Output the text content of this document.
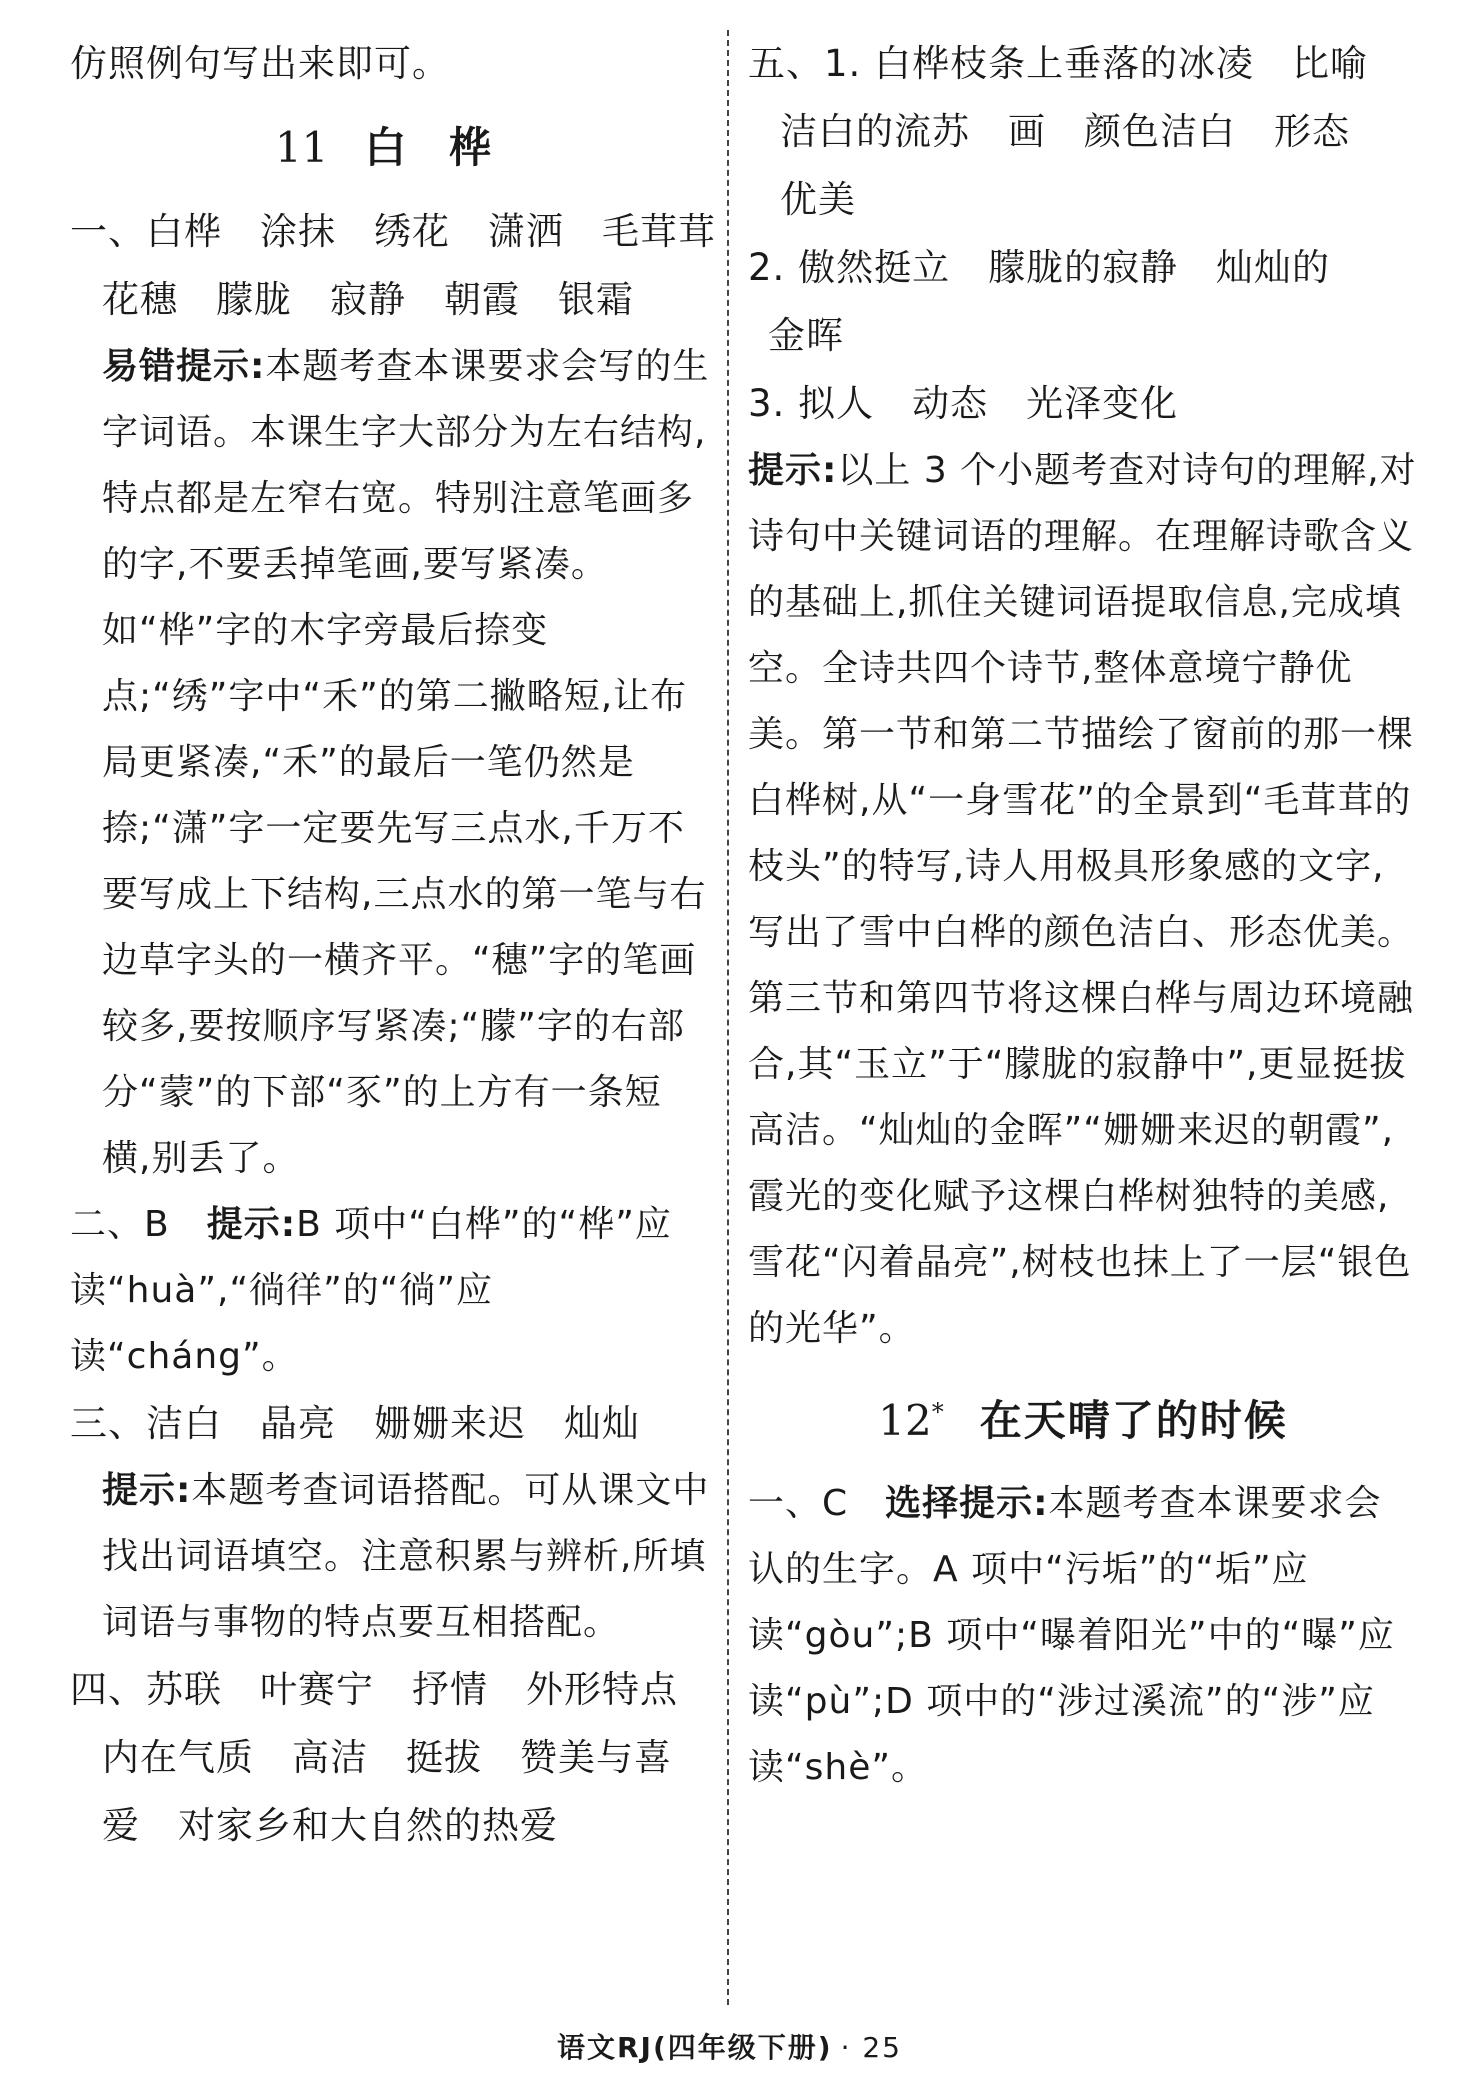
仿照例句写出来即可。
11 白 桦
一、白桦　涂抹　绣花　潇洒　毛茸茸
花穗　朦胧　寂静　朝霞　银霜
易错提示:本题考查本课要求会写的生字词语。本课生字大部分为左右结构,特点都是左窄右宽。特别注意笔画多的字,不要丢掉笔画,要写紧凑。如“桦”字的木字旁最后捺变点;“绣”字中“禾”的第二撇略短,让布局更紧凑,“禾”的最后一笔仍然是捺;“潇”字一定要先写三点水,千万不要写成上下结构,三点水的第一笔与右边草字头的一横齐平。“穗”字的笔画较多,要按顺序写紧凑;“朦”字的右部分“蒙”的下部“豕”的上方有一条短横,别丢了。
二、B　提示:B 项中“白桦”的“桦”应读“huà”,“徜徉”的“徜”应读“cháng”。
三、洁白　晶亮　姗姗来迟　灿灿
提示:本题考查词语搭配。可从课文中找出词语填空。注意积累与辨析,所填词语与事物的特点要互相搭配。
四、苏联　叶赛宁　抒情　外形特点
内在气质　高洁　挺拔　赞美与喜
爱　对家乡和大自然的热爱
五、1. 白桦枝条上垂落的冰凌　比喻
洁白的流苏　画　颜色洁白　形态
优美
2. 傲然挺立　朦胧的寂静　灿灿的
金晖
3. 拟人　动态　光泽变化
提示:以上 3 个小题考查对诗句的理解,对诗句中关键词语的理解。在理解诗歌含义的基础上,抓住关键词语提取信息,完成填空。全诗共四个诗节,整体意境宁静优美。第一节和第二节描绘了窗前的那一棵白桦树,从“一身雪花”的全景到“毛茸茸的枝头”的特写,诗人用极具形象感的文字,写出了雪中白桦的颜色洁白、形态优美。第三节和第四节将这棵白桦与周边环境融合,其“玉立”于“朦胧的寂静中”,更显挺拔高洁。“灿灿的金晖”“姗姗来迟的朝霞”,霞光的变化赋予这棵白桦树独特的美感,雪花“闪着晶亮”,树枝也抹上了一层“银色的光华”。
12* 在天晴了的时候
一、C　选择提示:本题考查本课要求会认的生字。A 项中“污垢”的“垢”应读“gòu”;B 项中“曝着阳光”中的“曝”应读“pù”;D 项中的“涉过溪流”的“涉”应读“shè”。
语文RJ(四年级下册) · 25
